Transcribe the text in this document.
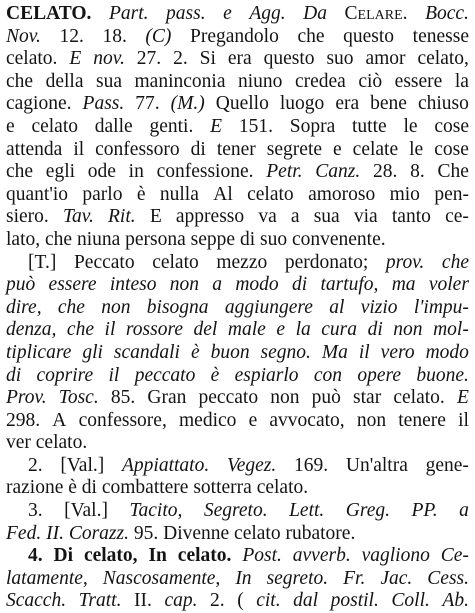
CELATO. Part. pass. e Agg. Da Celare. Bocc.
Nov. 12. 18. (C) Pregandolo che questo tenesse
celato. E nov. 27. 2. Si era questo suo amor celato,
che della sua maninconia niuno credea ciò essere la
cagione. Pass. 77. (M.) Quello luogo era bene chiuso
e celato dalle genti. E 151. Sopra tutte le cose
attenda il confessoro di tener segrete e celate le cose
che egli ode in confessione. Petr. Canz. 28. 8. Che
quant'io parlo è nulla Al celato amoroso mio pen-
siero. Tav. Rit. E appresso va a sua via tanto ce-
lato, che niuna persona seppe di suo convenente.
[T.] Peccato celato mezzo perdonato; prov. che
può essere inteso non a modo di tartufo, ma voler
dire, che non bisogna aggiungere al vizio l'impu-
denza, che il rossore del male e la cura di non mol-
tiplicare gli scandali è buon segno. Ma il vero modo
di coprire il peccato è espiarlo con opere buone.
Prov. Tosc. 85. Gran peccato non può star celato. E
298. A confessore, medico e avvocato, non tenere il
ver celato.
2. [Val.] Appiattato. Vegez. 169. Un'altra gene-
razione è di combattere sotterra celato.
3. [Val.] Tacito, Segreto. Lett. Greg. PP. a
Fed. II. Corazz. 95. Divenne celato rubatore.
4. Di celato, In celato. Post. avverb. vagliono Ce-
latamente, Nascosamente, In segreto. Fr. Jac. Cess.
Scacch. Tratt. II. cap. 2. ( cit. dal postil. Coll. Ab.
